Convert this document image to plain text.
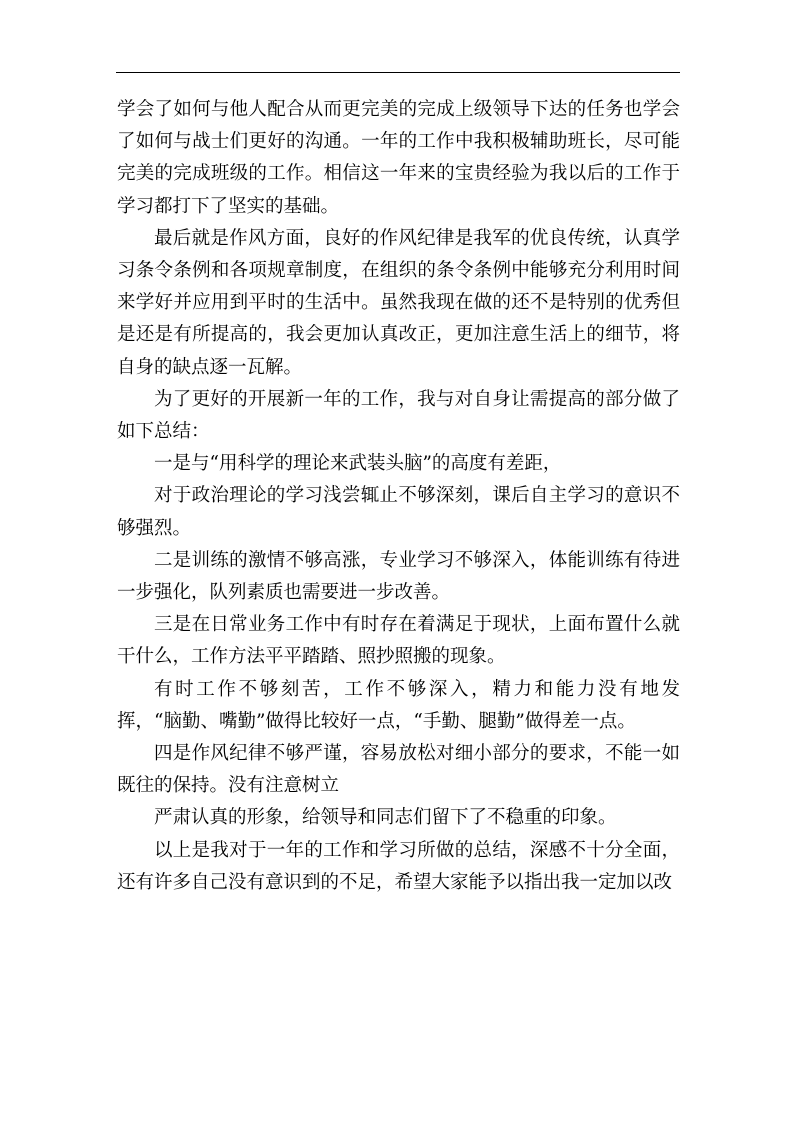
学会了如何与他人配合从而更完美的完成上级领导下达的任务也学会了如何与战士们更好的沟通。一年的工作中我积极辅助班长，尽可能完美的完成班级的工作。相信这一年来的宝贵经验为我以后的工作于学习都打下了坚实的基础。

最后就是作风方面，良好的作风纪律是我军的优良传统，认真学习条令条例和各项规章制度，在组织的条令条例中能够充分利用时间来学好并应用到平时的生活中。虽然我现在做的还不是特别的优秀但是还是有所提高的，我会更加认真改正，更加注意生活上的细节，将自身的缺点逐一瓦解。

为了更好的开展新一年的工作，我与对自身让需提高的部分做了如下总结：

一是与“用科学的理论来武装头脑”的高度有差距，

对于政治理论的学习浅尝辄止不够深刻，课后自主学习的意识不够强烈。

二是训练的激情不够高涨，专业学习不够深入，体能训练有待进一步强化，队列素质也需要进一步改善。

三是在日常业务工作中有时存在着满足于现状，上面布置什么就干什么，工作方法平平踏踏、照抄照搬的现象。

有时工作不够刻苦，工作不够深入，精力和能力没有地发挥，“脑勤、嘴勤”做得比较好一点，“手勤、腿勤”做得差一点。

四是作风纪律不够严谨，容易放松对细小部分的要求，不能一如既往的保持。没有注意树立

严肃认真的形象，给领导和同志们留下了不稳重的印象。

以上是我对于一年的工作和学习所做的总结，深感不十分全面，还有许多自己没有意识到的不足，希望大家能予以指出我一定加以改
